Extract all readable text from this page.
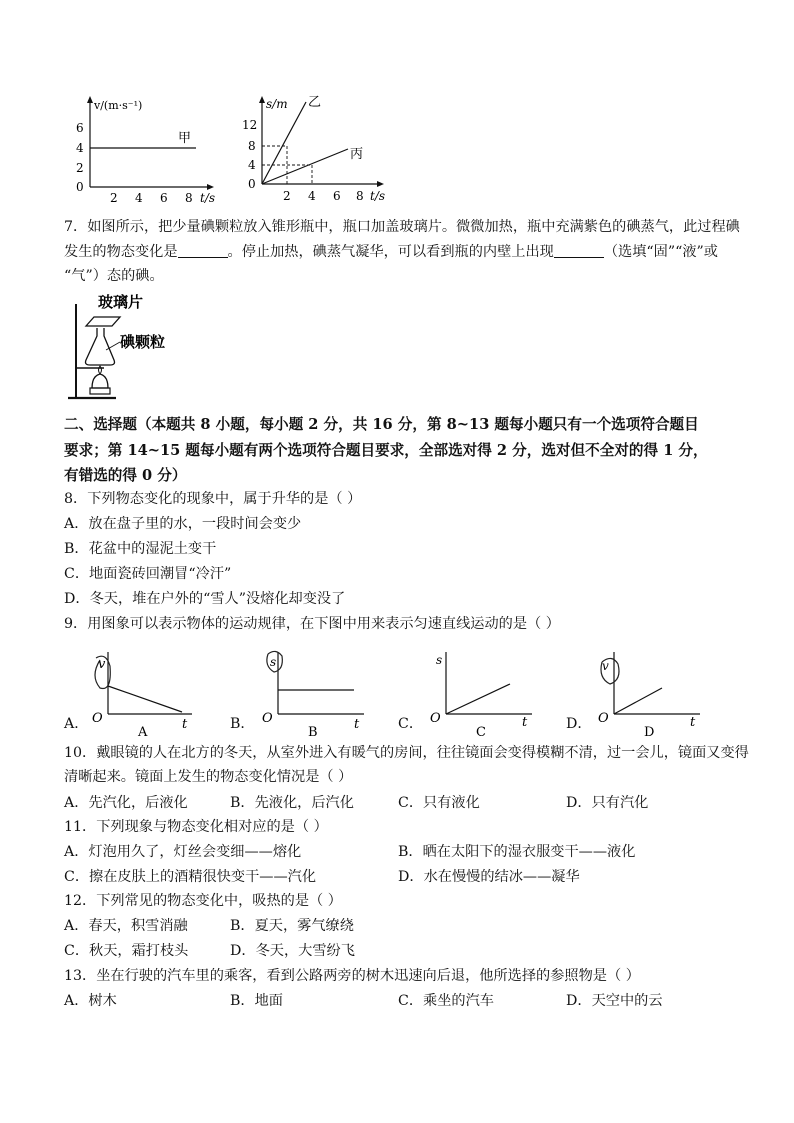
v/(m·s⁻¹)
6
4
2
0
2 4 6 8 t/s
甲
s/m
12
8
4
0
2 4 6 8 t/s
乙
丙
7．如图所示，把少量碘颗粒放入锥形瓶中，瓶口加盖玻璃片。微微加热，瓶中充满紫色的碘蒸气，此过程碘
发生的物态变化是	。停止加热，碘蒸气凝华，可以看到瓶的内壁上出现	（选填“固”“液”或
“气”）态的碘。
玻璃片
碘颗粒
二、选择题（本题共 8 小题，每小题 2 分，共 16 分，第 8~13 题每小题只有一个选项符合题目
要求；第 14~15 题每小题有两个选项符合题目要求，全部选对得 2 分，选对但不全对的得 1 分，
有错选的得 0 分）
8．下列物态变化的现象中，属于升华的是（ ）
A．放在盘子里的水，一段时间会变少
B．花盆中的湿泥土变干
C．地面瓷砖回潮冒“冷汗”
D．冬天，堆在户外的“雪人”没熔化却变没了
9．用图象可以表示物体的运动规律，在下图中用来表示匀速直线运动的是（ ）
A．
v
O	t
A
B．
s
O	t
B
C．
s
O	t
C
D．
v
O	t
D
10．戴眼镜的人在北方的冬天，从室外进入有暖气的房间，往往镜面会变得模糊不清，过一会儿，镜面又变得
清晰起来。镜面上发生的物态变化情况是（ ）
A．先汽化，后液化	B．先液化，后汽化	C．只有液化	D．只有汽化
11．下列现象与物态变化相对应的是（ ）
A．灯泡用久了，灯丝会变细——熔化	B．晒在太阳下的湿衣服变干——液化
C．擦在皮肤上的酒精很快变干——汽化	D．水在慢慢的结冰——凝华
12．下列常见的物态变化中，吸热的是（ ）
A．春天，积雪消融	B．夏天，雾气缭绕
C．秋天，霜打枝头	D．冬天，大雪纷飞
13．坐在行驶的汽车里的乘客，看到公路两旁的树木迅速向后退，他所选择的参照物是（ ）
A．树木	B．地面	C．乘坐的汽车	D．天空中的云
